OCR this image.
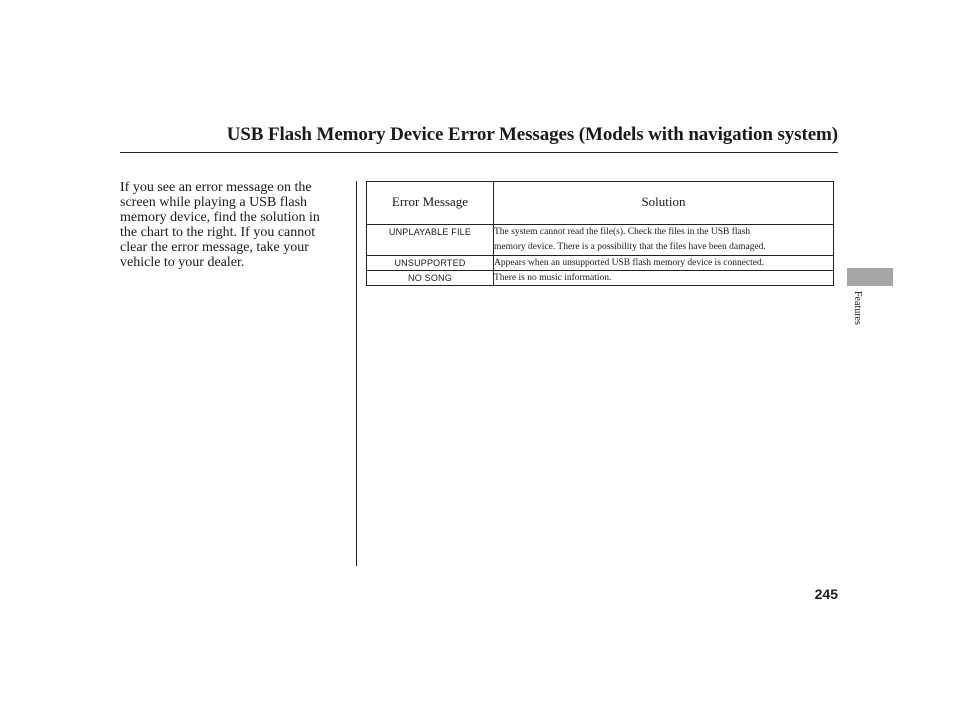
USB Flash Memory Device Error Messages (Models with navigation system)
If you see an error message on the
screen while playing a USB flash
memory device, find the solution in
the chart to the right. If you cannot
clear the error message, take your
vehicle to your dealer.
Error Message	Solution
UNPLAYABLE FILE	The system cannot read the file(s). Check the files in the USB flash
memory device. There is a possibility that the files have been damaged.

UNSUPPORTED	Appears when an unsupported USB flash memory device is connected.

NO SONG	There is no music information.
Features
245
